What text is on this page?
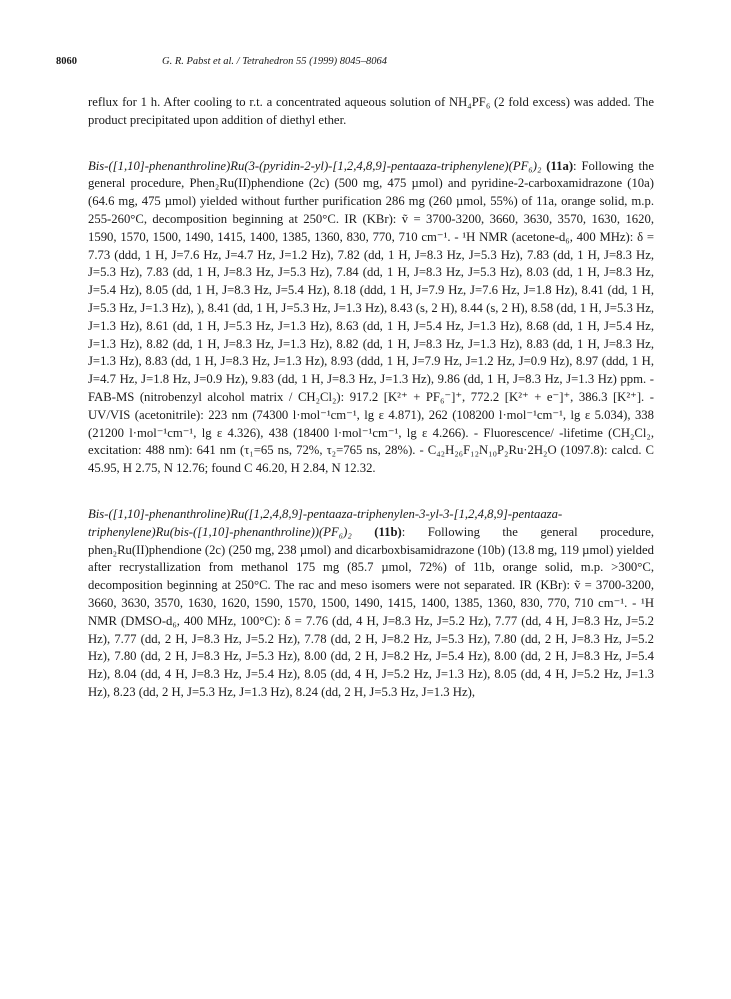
8060	G. R. Pabst et al. / Tetrahedron 55 (1999) 8045–8064

reflux for 1 h. After cooling to r.t. a concentrated aqueous solution of NH₄PF₆ (2 fold excess) was added. The product precipitated upon addition of diethyl ether.

Bis-([1,10]-phenanthroline)Ru(3-(pyridin-2-yl)-[1,2,4,8,9]-pentaaza-triphenylene)(PF₆)₂ (11a): Following the general procedure, Phen₂Ru(II)phendione (2c) (500 mg, 475 µmol) and pyridine-2-carboxamidrazone (10a) (64.6 mg, 475 µmol) yielded without further purification 286 mg (260 µmol, 55%) of 11a, orange solid, m.p. 255-260°C, decomposition beginning at 250°C. IR (KBr): ṽ = 3700-3200, 3660, 3630, 3570, 1630, 1620, 1590, 1570, 1500, 1490, 1415, 1400, 1385, 1360, 830, 770, 710 cm⁻¹. - ¹H NMR (acetone-d₆, 400 MHz): δ = 7.73 (ddd, 1 H, J=7.6 Hz, J=4.7 Hz, J=1.2 Hz), 7.82 (dd, 1 H, J=8.3 Hz, J=5.3 Hz), 7.83 (dd, 1 H, J=8.3 Hz, J=5.3 Hz), 7.83 (dd, 1 H, J=8.3 Hz, J=5.3 Hz), 7.84 (dd, 1 H, J=8.3 Hz, J=5.3 Hz), 8.03 (dd, 1 H, J=8.3 Hz, J=5.4 Hz), 8.05 (dd, 1 H, J=8.3 Hz, J=5.4 Hz), 8.18 (ddd, 1 H, J=7.9 Hz, J=7.6 Hz, J=1.8 Hz), 8.41 (dd, 1 H, J=5.3 Hz, J=1.3 Hz), ), 8.41 (dd, 1 H, J=5.3 Hz, J=1.3 Hz), 8.43 (s, 2 H), 8.44 (s, 2 H), 8.58 (dd, 1 H, J=5.3 Hz, J=1.3 Hz), 8.61 (dd, 1 H, J=5.3 Hz, J=1.3 Hz), 8.63 (dd, 1 H, J=5.4 Hz, J=1.3 Hz), 8.68 (dd, 1 H, J=5.4 Hz, J=1.3 Hz), 8.82 (dd, 1 H, J=8.3 Hz, J=1.3 Hz), 8.82 (dd, 1 H, J=8.3 Hz, J=1.3 Hz), 8.83 (dd, 1 H, J=8.3 Hz, J=1.3 Hz), 8.83 (dd, 1 H, J=8.3 Hz, J=1.3 Hz), 8.93 (ddd, 1 H, J=7.9 Hz, J=1.2 Hz, J=0.9 Hz), 8.97 (ddd, 1 H, J=4.7 Hz, J=1.8 Hz, J=0.9 Hz), 9.83 (dd, 1 H, J=8.3 Hz, J=1.3 Hz), 9.86 (dd, 1 H, J=8.3 Hz, J=1.3 Hz) ppm. - FAB-MS (nitrobenzyl alcohol matrix / CH₂Cl₂): 917.2 [K²⁺ + PF₆⁻]⁺, 772.2 [K²⁺ + e⁻]⁺, 386.3 [K²⁺]. - UV/VIS (acetonitrile): 223 nm (74300 l·mol⁻¹cm⁻¹, lg ε 4.871), 262 (108200 l·mol⁻¹cm⁻¹, lg ε 5.034), 338 (21200 l·mol⁻¹cm⁻¹, lg ε 4.326), 438 (18400 l·mol⁻¹cm⁻¹, lg ε 4.266). - Fluorescence/ -lifetime (CH₂Cl₂, excitation: 488 nm): 641 nm (τ₁=65 ns, 72%, τ₂=765 ns, 28%). - C₄₂H₂₆F₁₂N₁₀P₂Ru·2H₂O (1097.8): calcd. C 45.95, H 2.75, N 12.76; found C 46.20, H 2.84, N 12.32.

Bis-([1,10]-phenanthroline)Ru([1,2,4,8,9]-pentaaza-triphenylen-3-yl-3-[1,2,4,8,9]-pentaaza-triphenylene)Ru(bis-([1,10]-phenanthroline))(PF₆)₂ (11b): Following the general procedure, phen₂Ru(II)phendione (2c) (250 mg, 238 µmol) and dicarboxbisamidrazone (10b) (13.8 mg, 119 µmol) yielded after recrystallization from methanol 175 mg (85.7 µmol, 72%) of 11b, orange solid, m.p. >300°C, decomposition beginning at 250°C. The rac and meso isomers were not separated. IR (KBr): ṽ = 3700-3200, 3660, 3630, 3570, 1630, 1620, 1590, 1570, 1500, 1490, 1415, 1400, 1385, 1360, 830, 770, 710 cm⁻¹. - ¹H NMR (DMSO-d₆, 400 MHz, 100°C): δ = 7.76 (dd, 4 H, J=8.3 Hz, J=5.2 Hz), 7.77 (dd, 4 H, J=8.3 Hz, J=5.2 Hz), 7.77 (dd, 2 H, J=8.3 Hz, J=5.2 Hz), 7.78 (dd, 2 H, J=8.2 Hz, J=5.3 Hz), 7.80 (dd, 2 H, J=8.3 Hz, J=5.2 Hz), 7.80 (dd, 2 H, J=8.3 Hz, J=5.3 Hz), 8.00 (dd, 2 H, J=8.2 Hz, J=5.4 Hz), 8.00 (dd, 2 H, J=8.3 Hz, J=5.4 Hz), 8.04 (dd, 4 H, J=8.3 Hz, J=5.4 Hz), 8.05 (dd, 4 H, J=5.2 Hz, J=1.3 Hz), 8.05 (dd, 4 H, J=5.2 Hz, J=1.3 Hz), 8.23 (dd, 2 H, J=5.3 Hz, J=1.3 Hz), 8.24 (dd, 2 H, J=5.3 Hz, J=1.3 Hz),
